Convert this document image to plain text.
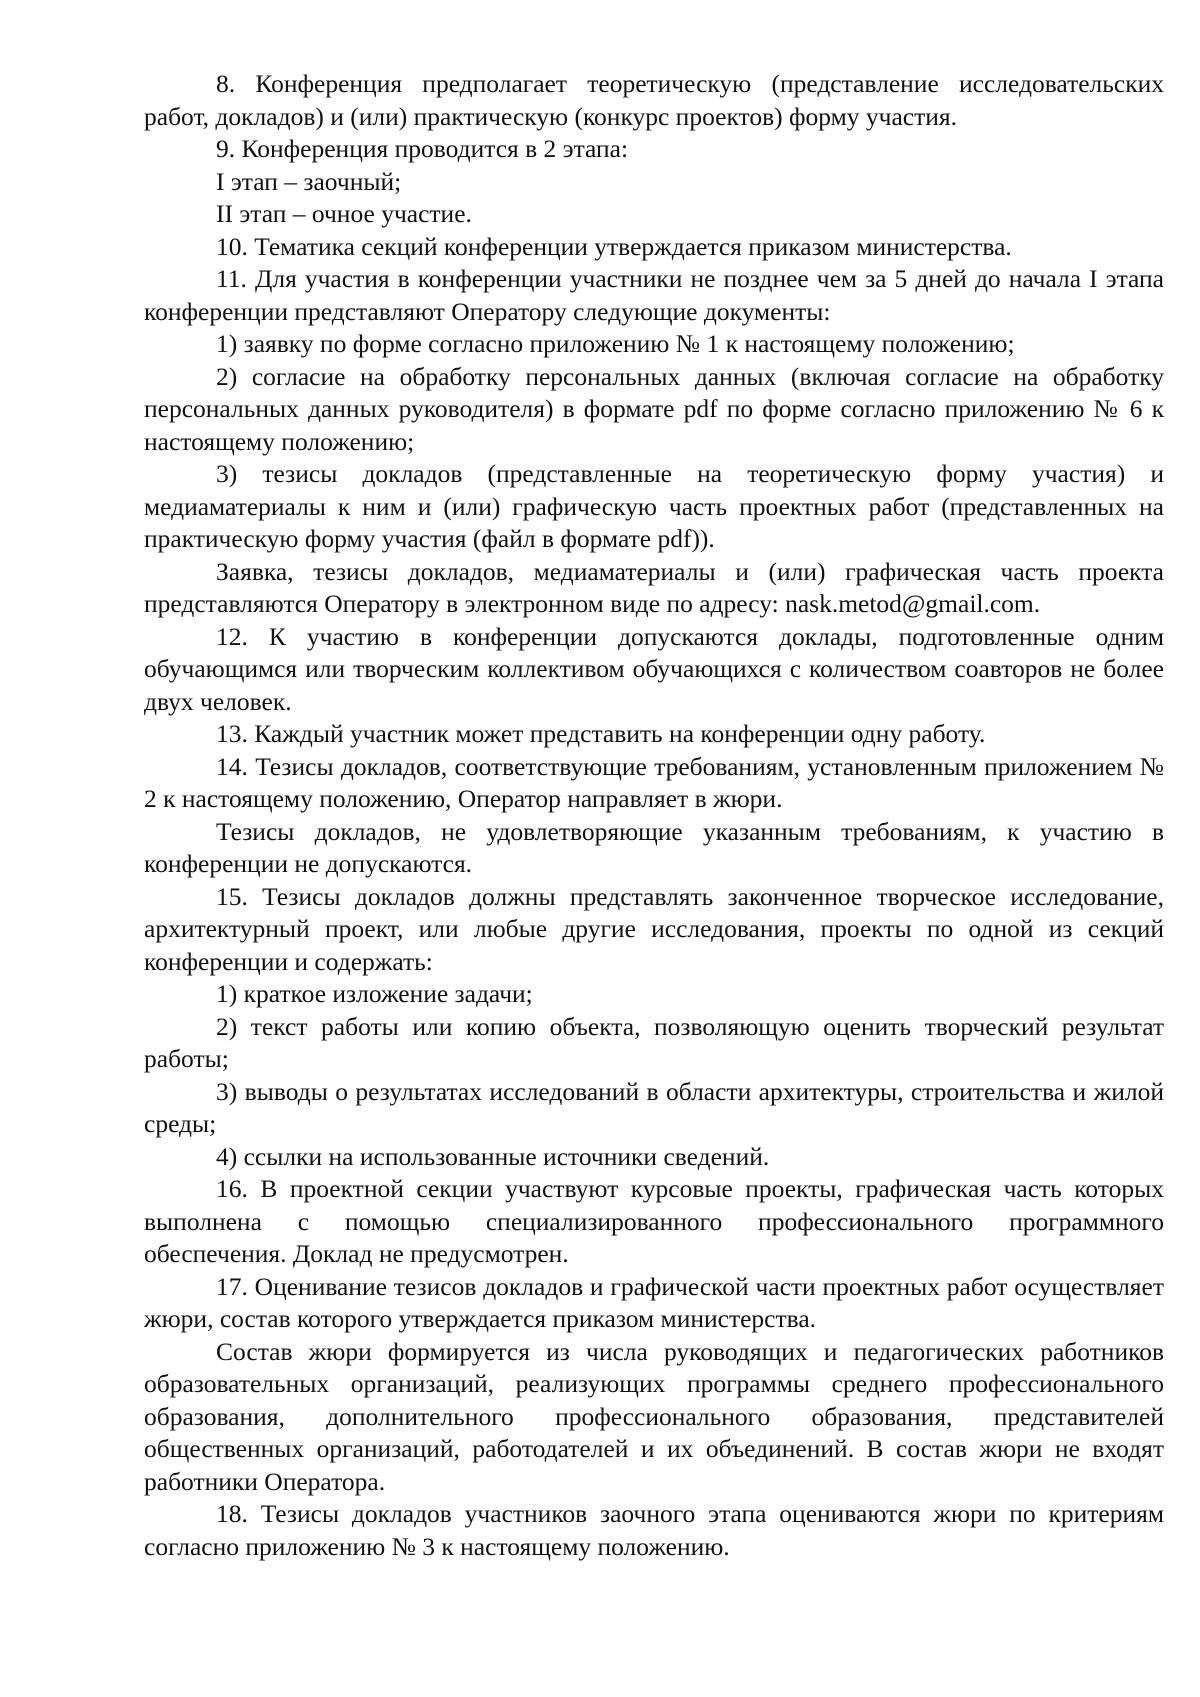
8. Конференция предполагает теоретическую (представление исследовательских работ, докладов) и (или) практическую (конкурс проектов) форму участия.

9. Конференция проводится в 2 этапа:

I этап – заочный;

II этап – очное участие.

10. Тематика секций конференции утверждается приказом министерства.

11. Для участия в конференции участники не позднее чем за 5 дней до начала I этапа конференции представляют Оператору следующие документы:

1) заявку по форме согласно приложению № 1 к настоящему положению;

2) согласие на обработку персональных данных (включая согласие на обработку персональных данных руководителя) в формате pdf по форме согласно приложению № 6 к настоящему положению;

3) тезисы докладов (представленные на теоретическую форму участия) и медиаматериалы к ним и (или) графическую часть проектных работ (представленных на практическую форму участия (файл в формате pdf)).

Заявка, тезисы докладов, медиаматериалы и (или) графическая часть проекта представляются Оператору в электронном виде по адресу: nask.metod@gmail.com.

12. К участию в конференции допускаются доклады, подготовленные одним обучающимся или творческим коллективом обучающихся с количеством соавторов не более двух человек.

13. Каждый участник может представить на конференции одну работу.

14. Тезисы докладов, соответствующие требованиям, установленным приложением № 2 к настоящему положению, Оператор направляет в жюри.

Тезисы докладов, не удовлетворяющие указанным требованиям, к участию в конференции не допускаются.

15. Тезисы докладов должны представлять законченное творческое исследование, архитектурный проект, или любые другие исследования, проекты по одной из секций конференции и содержать:

1) краткое изложение задачи;

2) текст работы или копию объекта, позволяющую оценить творческий результат работы;

3) выводы о результатах исследований в области архитектуры, строительства и жилой среды;

4) ссылки на использованные источники сведений.

16. В проектной секции участвуют курсовые проекты, графическая часть которых выполнена с помощью специализированного профессионального программного обеспечения. Доклад не предусмотрен.

17. Оценивание тезисов докладов и графической части проектных работ осуществляет жюри, состав которого утверждается приказом министерства.

Состав жюри формируется из числа руководящих и педагогических работников образовательных организаций, реализующих программы среднего профессионального образования, дополнительного профессионального образования, представителей общественных организаций, работодателей и их объединений. В состав жюри не входят работники Оператора.

18. Тезисы докладов участников заочного этапа оцениваются жюри по критериям согласно приложению № 3 к настоящему положению.
